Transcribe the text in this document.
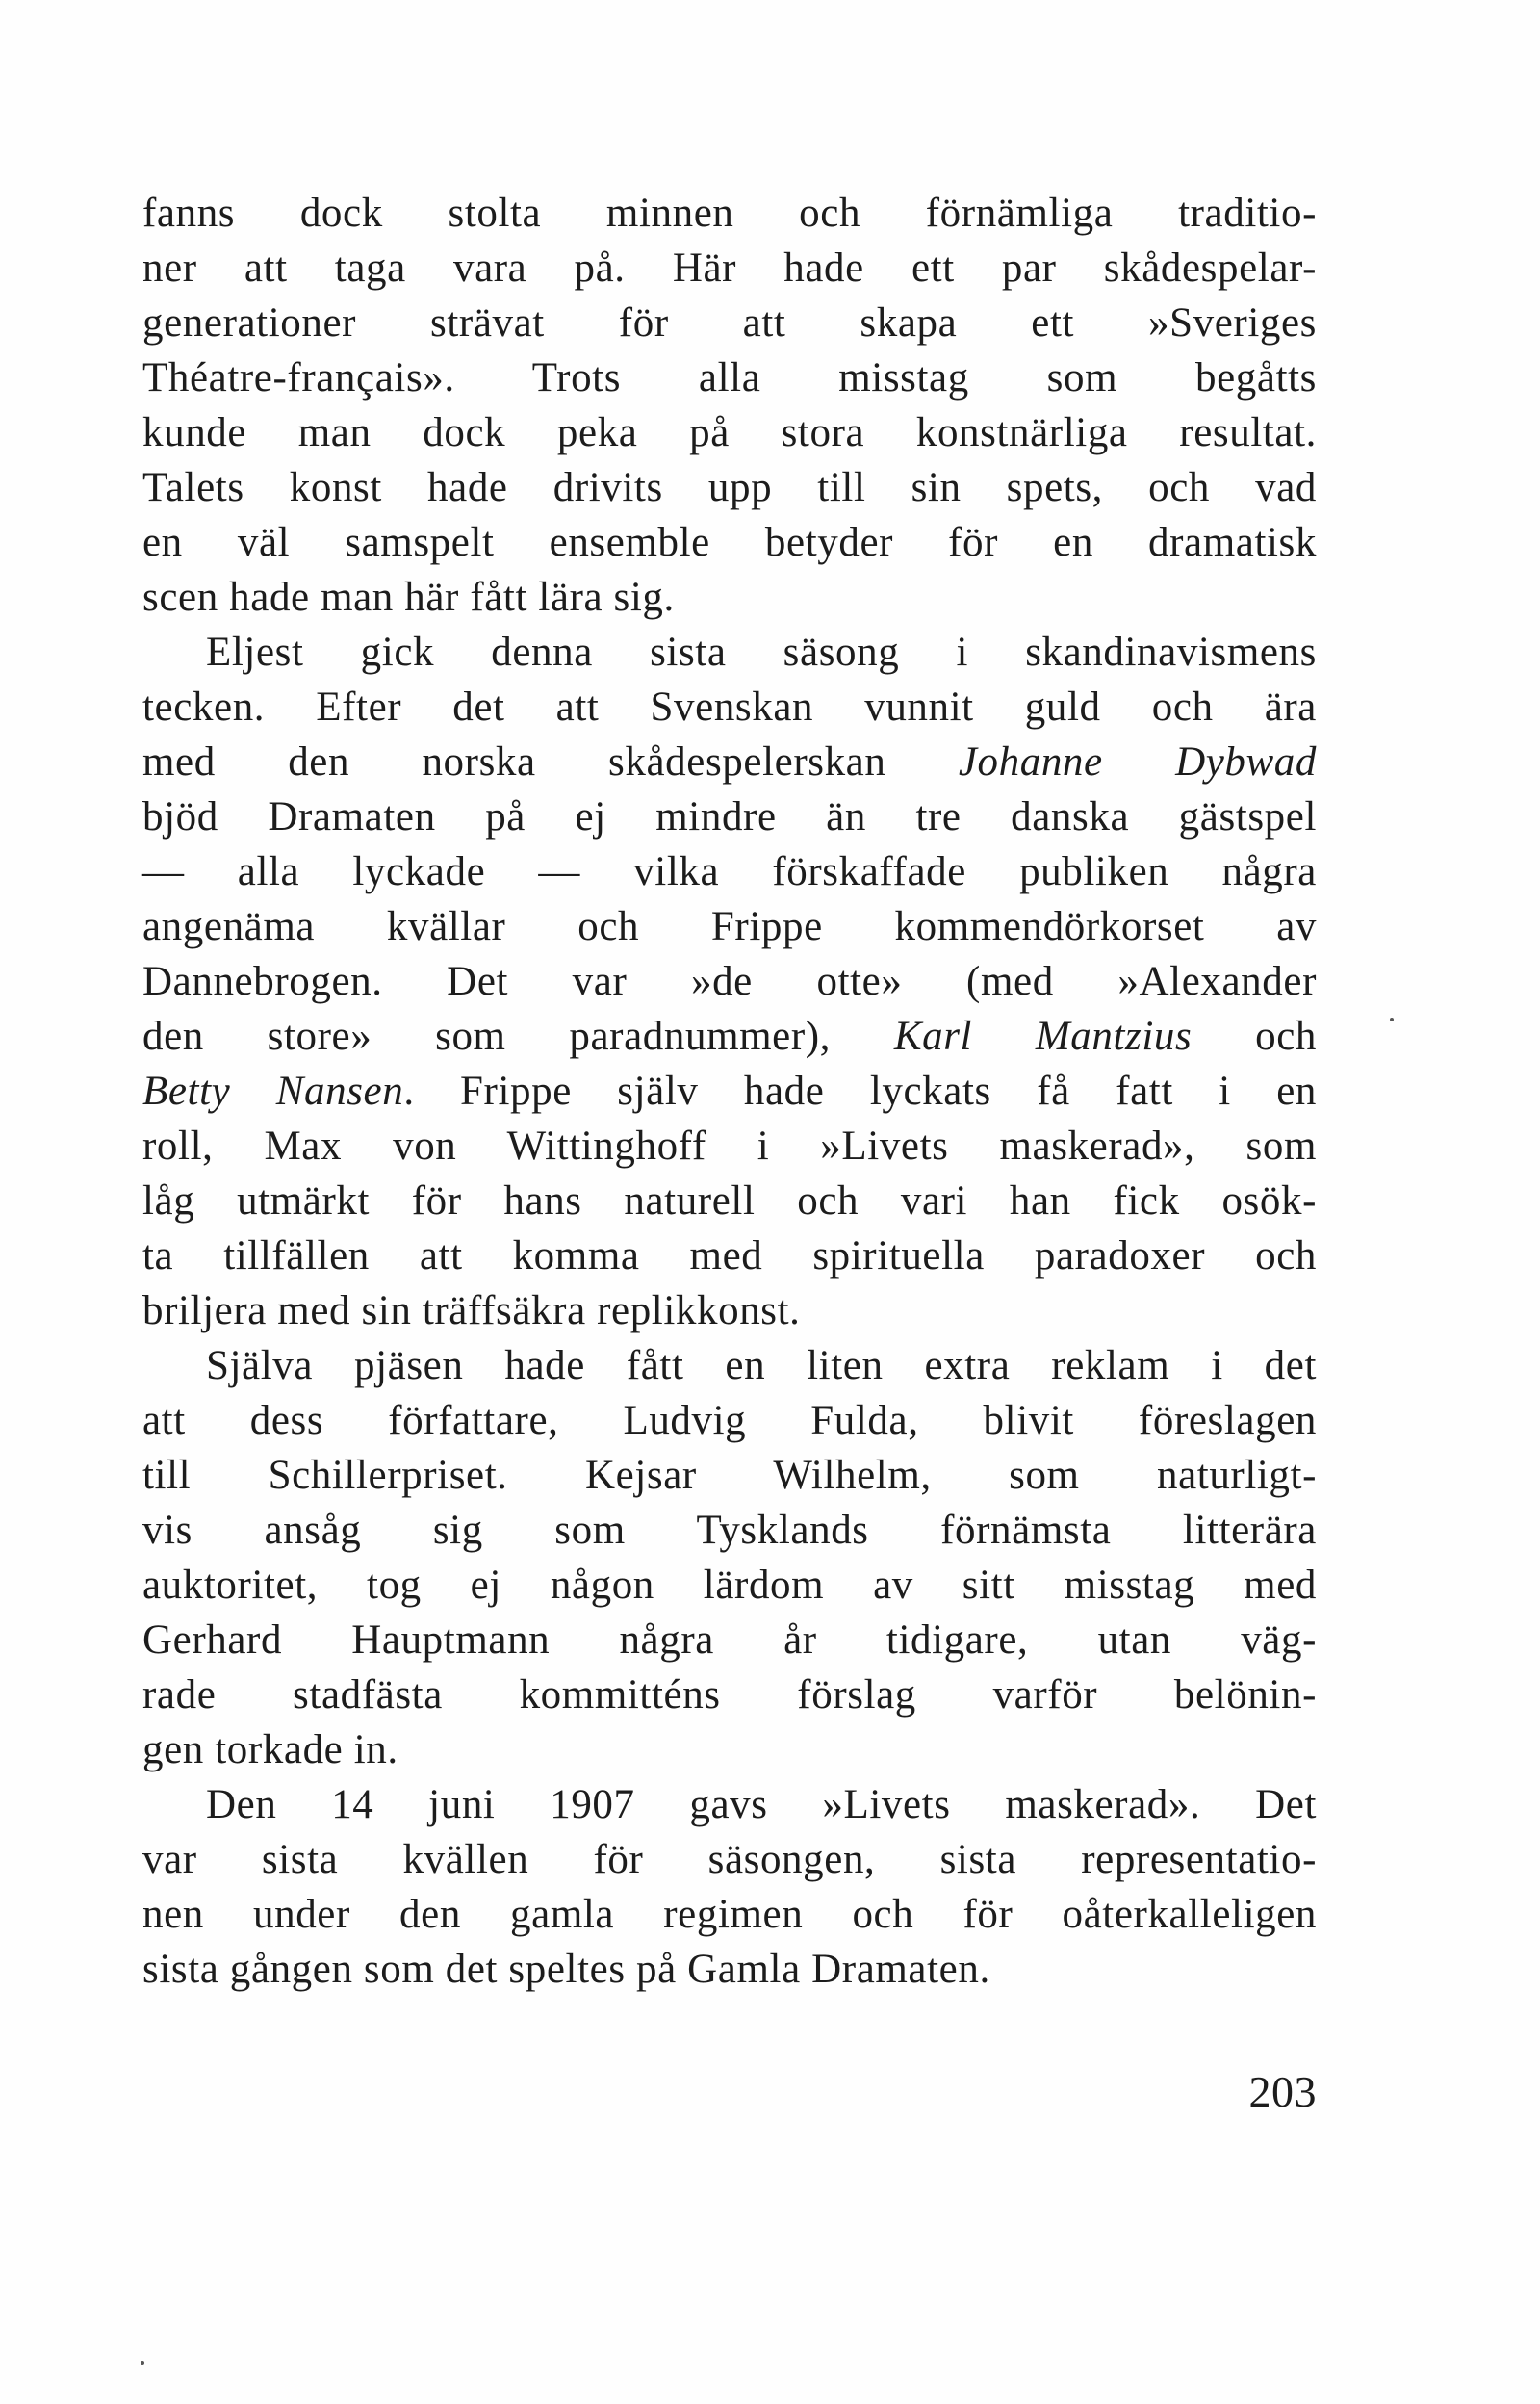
fanns dock stolta minnen och förnämliga traditio-
ner att taga vara på. Här hade ett par skådespelar-
generationer strävat för att skapa ett »Sveriges
Théatre-français». Trots alla misstag som begåtts
kunde man dock peka på stora konstnärliga resultat.
Talets konst hade drivits upp till sin spets, och vad
en väl samspelt ensemble betyder för en dramatisk
scen hade man här fått lära sig.
Eljest gick denna sista säsong i skandinavismens
tecken. Efter det att Svenskan vunnit guld och ära
med den norska skådespelerskan Johanne Dybwad
bjöd Dramaten på ej mindre än tre danska gästspel
— alla lyckade — vilka förskaffade publiken några
angenäma kvällar och Frippe kommendörkorset av
Dannebrogen. Det var »de otte» (med »Alexander
den store» som paradnummer), Karl Mantzius och
Betty Nansen. Frippe själv hade lyckats få fatt i en
roll, Max von Wittinghoff i »Livets maskerad», som
låg utmärkt för hans naturell och vari han fick osök-
ta tillfällen att komma med spirituella paradoxer och
briljera med sin träffsäkra replikkonst.
Själva pjäsen hade fått en liten extra reklam i det
att dess författare, Ludvig Fulda, blivit föreslagen
till Schillerpriset. Kejsar Wilhelm, som naturligt-
vis ansåg sig som Tysklands förnämsta litterära
auktoritet, tog ej någon lärdom av sitt misstag med
Gerhard Hauptmann några år tidigare, utan väg-
rade stadfästa kommitténs förslag varför belönin-
gen torkade in.
Den 14 juni 1907 gavs »Livets maskerad». Det
var sista kvällen för säsongen, sista representatio-
nen under den gamla regimen och för oåterkalleligen
sista gången som det speltes på Gamla Dramaten.
203
